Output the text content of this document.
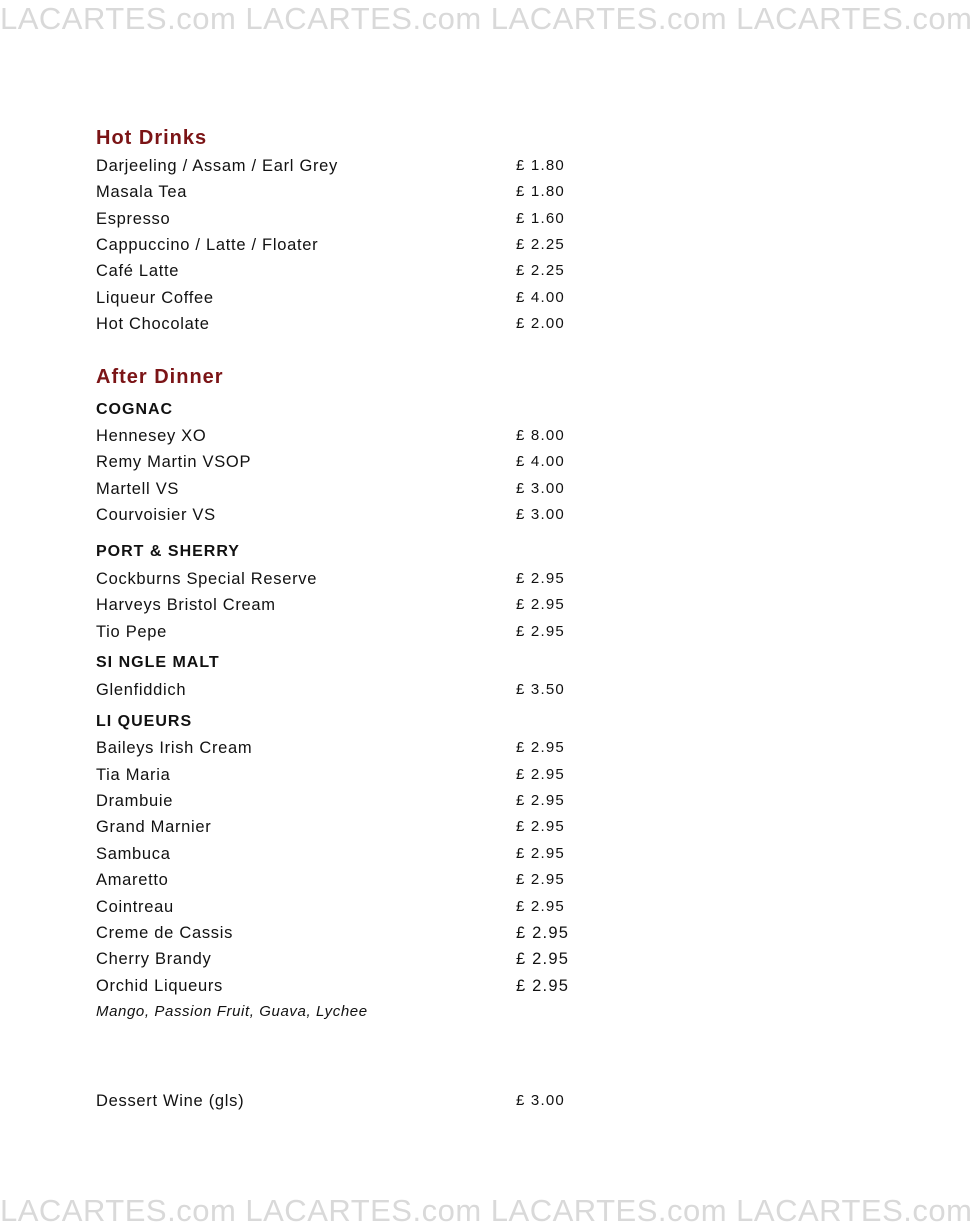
LACARTES.com LACARTES.com LACARTES.com LACARTES.com
Hot Drinks
Darjeeling / Assam / Earl Grey	£ 1.80
Masala Tea	£ 1.80
Espresso	£ 1.60
Cappuccino / Latte / Floater	£ 2.25
Café Latte	£ 2.25
Liqueur Coffee	£ 4.00
Hot Chocolate	£ 2.00
After Dinner
COGNAC
Hennesey XO	£ 8.00
Remy Martin VSOP	£ 4.00
Martell VS	£ 3.00
Courvoisier VS	£ 3.00
PORT & SHERRY
Cockburns Special Reserve	£ 2.95
Harveys Bristol Cream	£ 2.95
Tio Pepe	£ 2.95
SI NGLE MALT
Glenfiddich	£ 3.50
LI QUEURS
Baileys Irish Cream	£ 2.95
Tia Maria	£ 2.95
Drambuie	£ 2.95
Grand Marnier	£ 2.95
Sambuca	£ 2.95
Amaretto	£ 2.95
Cointreau	£ 2.95
Creme de Cassis	£ 2.95
Cherry Brandy	£ 2.95
Orchid Liqueurs	£ 2.95

Mango, Passion Fruit, Guava, Lychee

Dessert Wine (gls)	£ 3.00
LACARTES.com LACARTES.com LACARTES.com LACARTES.com
